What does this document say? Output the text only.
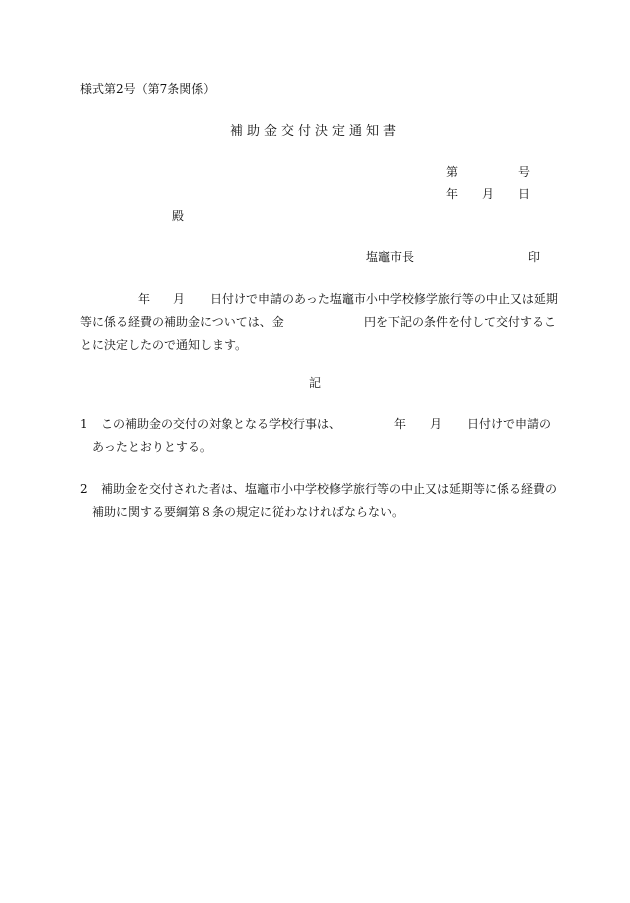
様式第2号（第7条関係）
補助金交付決定通知書
第	号
年 月 日
殿
塩竈市長	印
年 月 日付けで申請のあった塩竈市小中学校修学旅行等の中止又は延期
等に係る経費の補助金については、金	円を下記の条件を付して交付するこ
とに決定したので通知します。
記
1 この補助金の交付の対象となる学校行事は、	年 月 日付けで申請の
あったとおりとする。
2 補助金を交付された者は、塩竈市小中学校修学旅行等の中止又は延期等に係る経費の
補助に関する要綱第８条の規定に従わなければならない。
